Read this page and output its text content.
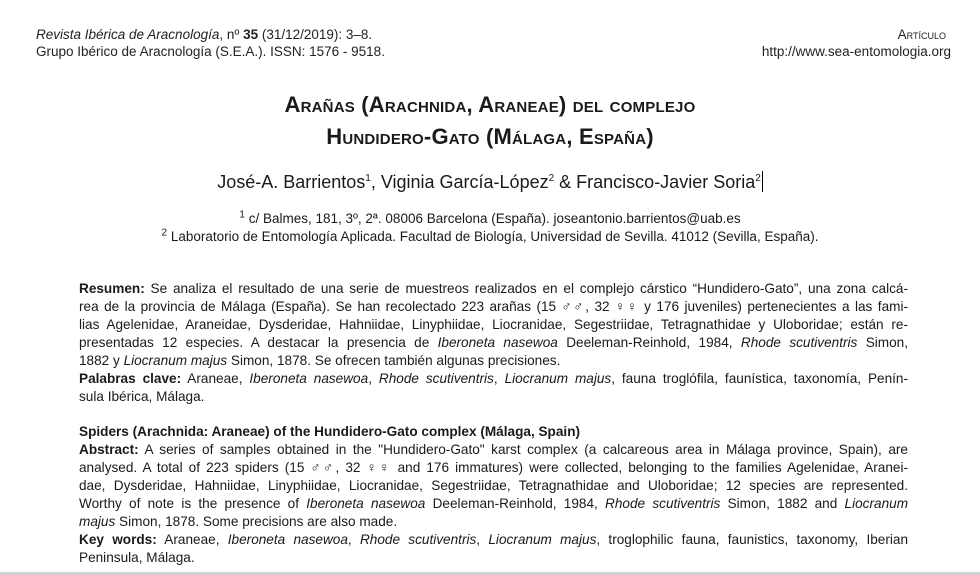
Revista Ibérica de Aracnología, nº 35 (31/12/2019): 3–8.
Grupo Ibérico de Aracnología (S.E.A.). ISSN: 1576 - 9518.
Artículo
http://www.sea-entomologia.org
Arañas (Arachnida, Araneae) del complejo
Hundidero-Gato (Málaga, España)
José-A. Barrientos$^1$, Viginia García-López$^2$ & Francisco-Javier Soria$^2$
$^1$ c/ Balmes, 181, 3º, 2ª. 08006 Barcelona (España). joseantonio.barrientos@uab.es
$^2$ Laboratorio de Entomología Aplicada. Facultad de Biología, Universidad de Sevilla. 41012 (Sevilla, España).
Resumen: Se analiza el resultado de una serie de muestreos realizados en el complejo cárstico “Hundidero-Gato”, una zona calcá-
rea de la provincia de Málaga (España). Se han recolectado 223 arañas (15 ♂♂, 32 ♀♀ y 176 juveniles) pertenecientes a las fami-
lias Agelenidae, Araneidae, Dysderidae, Hahniidae, Linyphiidae, Liocranidae, Segestriidae, Tetragnathidae y Uloboridae; están re-
presentadas 12 especies. A destacar la presencia de Iberoneta nasewoa Deeleman-Reinhold, 1984, Rhode scutiventris Simon,
1882 y Liocranum majus Simon, 1878. Se ofrecen también algunas precisiones.
Palabras clave: Araneae, Iberoneta nasewoa, Rhode scutiventris, Liocranum majus, fauna troglófila, faunística, taxonomía, Penín-
sula Ibérica, Málaga.
Spiders (Arachnida: Araneae) of the Hundidero-Gato complex (Málaga, Spain)
Abstract: A series of samples obtained in the "Hundidero-Gato" karst complex (a calcareous area in Málaga province, Spain), are
analysed. A total of 223 spiders (15 ♂♂, 32 ♀♀ and 176 immatures) were collected, belonging to the families Agelenidae, Aranei-
dae, Dysderidae, Hahniidae, Linyphiidae, Liocranidae, Segestriidae, Tetragnathidae and Uloboridae; 12 species are represented.
Worthy of note is the presence of Iberoneta nasewoa Deeleman-Reinhold, 1984, Rhode scutiventris Simon, 1882 and Liocranum
majus Simon, 1878. Some precisions are also made.
Key words: Araneae, Iberoneta nasewoa, Rhode scutiventris, Liocranum majus, troglophilic fauna, faunistics, taxonomy, Iberian
Peninsula, Málaga.
